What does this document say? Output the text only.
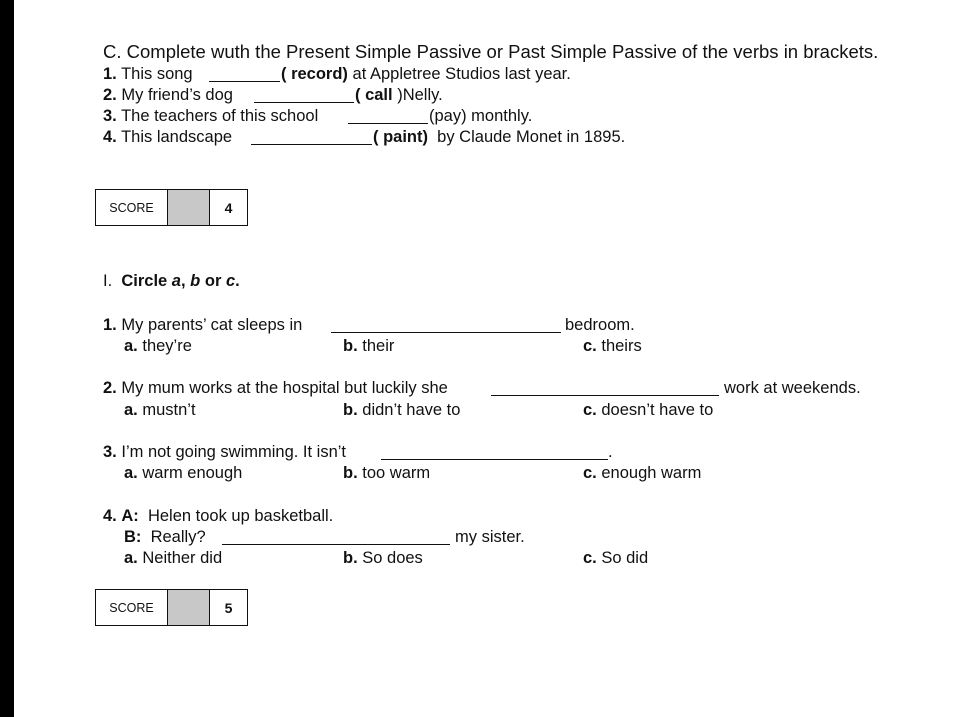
C. Complete wuth the Present Simple Passive or Past Simple Passive of the verbs in brackets.
1. This song	( record) at Appletree Studios last year.
2. My friend’s dog	( call )Nelly.
3. The teachers of this school	(pay) monthly.
4. This landscape	( paint) by Claude Monet in 1895.
SCORE	4
I. Circle a, b or c.
1. My parents’ cat sleeps in	bedroom.
a. they’re	b. their	c. theirs
2. My mum works at the hospital but luckily she	work at weekends.
a. mustn’t	b. didn’t have to	c. doesn’t have to
3. I’m not going swimming. It isn’t	.
a. warm enough	b. too warm	c. enough warm
4. A: Helen took up basketball.
B: Really?	my sister.
a. Neither did	b. So does	c. So did
SCORE	5
